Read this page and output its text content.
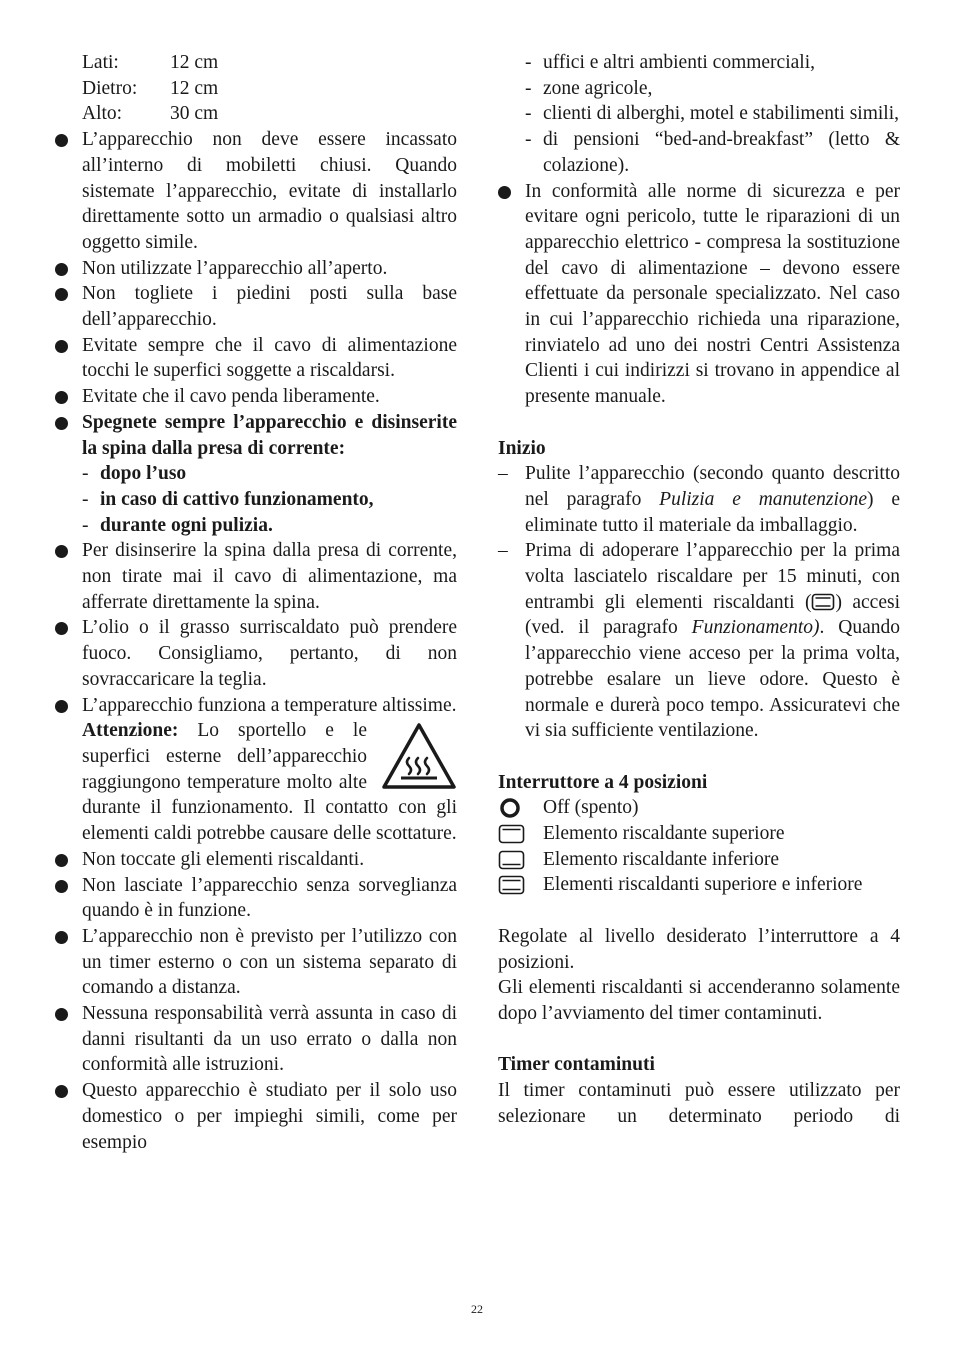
Lati:	12 cm
Dietro:	12 cm
Alto:	30 cm

L’apparecchio non deve essere incassato all’interno di mobiletti chiusi. Quando sistemate l’apparecchio, evitate di installarlo direttamente sotto un armadio o qualsiasi altro oggetto simile.

Non utilizzate l’apparecchio all’aperto.

Non togliete i piedini posti sulla base dell’apparecchio.

Evitate sempre che il cavo di alimentazione tocchi le superfici soggette a riscaldarsi.

Evitate che il cavo penda liberamente.

Spegnete sempre l’apparecchio e disinserite la spina dalla presa di corrente:

- dopo l’uso
- in caso di cattivo funzionamento,
- durante ogni pulizia.

Per disinserire la spina dalla presa di corrente, non tirate mai il cavo di alimentazione, ma afferrate direttamente la spina.

L’olio o il grasso surriscaldato può prendere fuoco. Consigliamo, pertanto, di non sovraccaricare la teglia.

L’apparecchio funziona a temperature altissime.

Attenzione: Lo sportello e le superfici esterne dell’apparecchio raggiungono temperature molto alte durante il funzionamento. Il contatto con gli elementi caldi potrebbe causare delle scottature.

Non toccate gli elementi riscaldanti.

Non lasciate l’apparecchio senza sorveglianza quando è in funzione.

L’apparecchio non è previsto per l’utilizzo con un timer esterno o con un sistema separato di comando a distanza.

Nessuna responsabilità verrà assunta in caso di danni risultanti da un uso errato o dalla non conformità alle istruzioni.

Questo apparecchio è studiato per il solo uso domestico o per impieghi simili, come per esempio

- uffici e altri ambienti commerciali,
- zone agricole,
- clienti di alberghi, motel e stabilimenti simili,
- di pensioni “bed-and-breakfast” (letto & colazione).

In conformità alle norme di sicurezza e per evitare ogni pericolo, tutte le riparazioni di un apparecchio elettrico - compresa la sostituzione del cavo di alimentazione – devono essere effettuate da personale specializzato. Nel caso in cui l’apparecchio richieda una riparazione, rinviatelo ad uno dei nostri Centri Assistenza Clienti i cui indirizzi si trovano in appendice al presente manuale.

Inizio

– Pulite l’apparecchio (secondo quanto descritto nel paragrafo Pulizia e manutenzione) e eliminate tutto il materiale da imballaggio.

– Prima di adoperare l’apparecchio per la prima volta lasciatelo riscaldare per 15 minuti, con entrambi gli elementi riscaldanti ( ) accesi (ved. il paragrafo Funzionamento). Quando l’apparecchio viene acceso per la prima volta, potrebbe esalare un lieve odore. Questo è normale e durerà poco tempo. Assicuratevi che vi sia sufficiente ventilazione.

Interruttore a 4 posizioni

Off (spento)
Elemento riscaldante superiore
Elemento riscaldante inferiore
Elementi riscaldanti superiore e inferiore

Regolate al livello desiderato l’interruttore a 4 posizioni.

Gli elementi riscaldanti si accenderanno solamente dopo l’avviamento del timer contaminuti.

Timer contaminuti

Il timer contaminuti può essere utilizzato per selezionare un determinato periodo di

22
